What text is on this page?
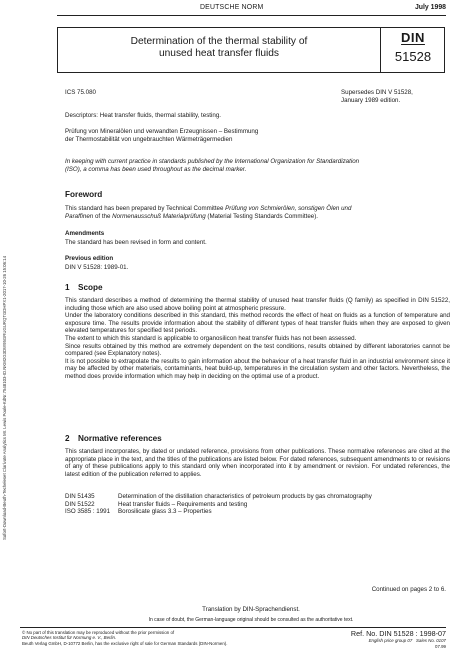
DEUTSCHE NORM	July 1998
Determination of the thermal stability of
unused heat transfer fluids
DIN
51528
ICS 75.080	Supersedes DIN V 51528,
January 1989 edition.
Descriptors: Heat transfer fluids, thermal stability, testing.
Prüfung von Mineralölen und verwandten Erzeugnissen – Bestimmung
der Thermostabilität von ungebrauchten Wärmeträgermedien
In keeping with current practice in standards published by the International Organization for Standardization
(ISO), a comma has been used throughout as the decimal marker.
Foreword
This standard has been prepared by Technical Committee Prüfung von Schmierölen, sonstigen Ölen und
Paraffinen of the Normenausschuß Materialprüfung (Material Testing Standards Committee).
Amendments
The standard has been revised in form and content.
Previous edition
DIN V 51528: 1989-01.
1 Scope

This standard describes a method of determining the thermal stability of unused heat transfer fluids (Q family) as specified in DIN 51522, including those which are also used above boiling point at atmospheric pressure.

Under the laboratory conditions described in this standard, this method records the effect of heat on fluids as a function of temperature and exposure time. The results provide information about the stability of different types of heat transfer fluids when they are exposed to given elevated temperatures for specified test periods.

The extent to which this standard is applicable to organosilicon heat transfer fluids has not been assessed.

Since results obtained by this method are extremely dependent on the test conditions, results obtained by different laboratories cannot be compared (see Explanatory notes).

It is not possible to extrapolate the results to gain information about the behaviour of a heat transfer fluid in an industrial environment since it may be affected by other materials, contaminants, heat build-up, temperatures in the circulation system and other factors. Nevertheless, the method does provide information which may help in deciding on the optimal use of a product.

2 Normative references

This standard incorporates, by dated or undated reference, provisions from other publications. These normative references are cited at the appropriate place in the text, and the titles of the publications are listed below. For dated references, subsequent amendments to or revisions of any of these publications apply to this standard only when incorporated into it by amendment or revision. For undated references, the latest edition of the publication referred to applies.

DIN 51435	Determination of the distillation characteristics of petroleum products by gas chromatography
DIN 51522	Heat transfer fluids – Requirements and testing
ISO 3585 : 1991	Borosilicate glass 3.3 – Properties
Continued on pages 2 to 6.
Translation by DIN-Sprachendienst.
In case of doubt, the German-language original should be consulted as the authoritative text.
© No part of this translation may be reproduced without the prior permission of
DIN Deutsches Institut für Normung e. V., Berlin.
Beuth Verlag GmbH, D-10772 Berlin, has the exclusive right of sale for German Standards (DIN-Normen).
Ref. No. DIN 51528 : 1998-07
English price group 07 Sales No. 0107
07.99
Sofort-Download-Beuth-Techeleset Clarivate Analytics Mr. Lewis Poole-KdNr.7548103-ID.NKM2G3DW95GRUGURQTGDHPX1-2017-10-26 15:06:14
